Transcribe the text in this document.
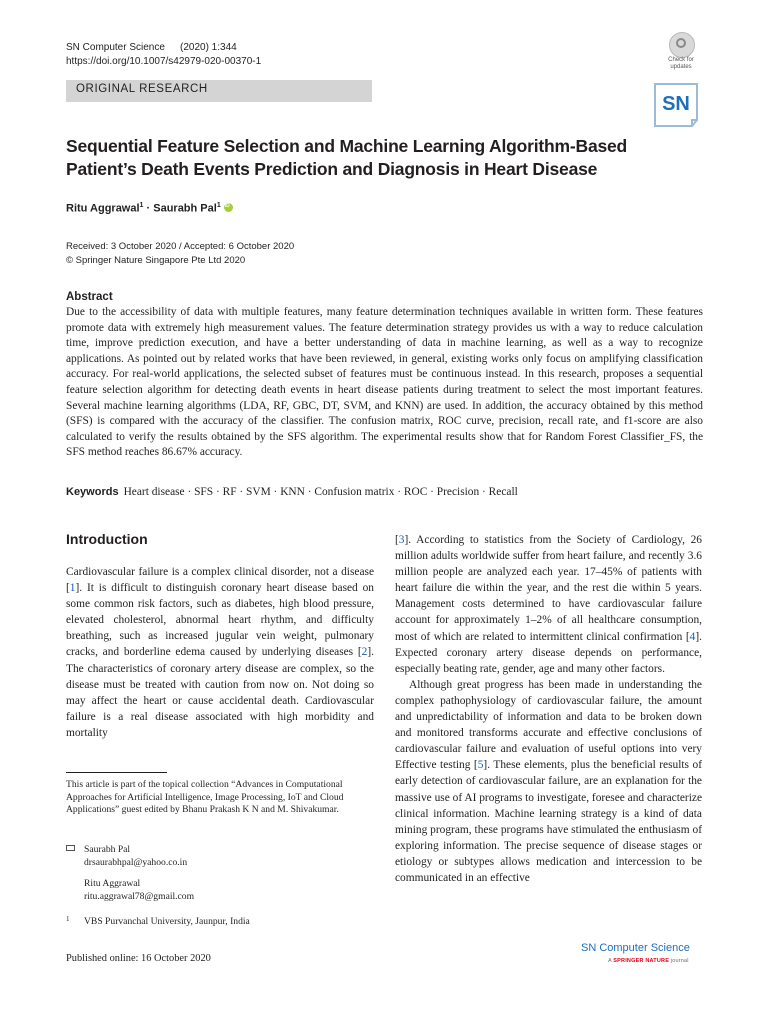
SN Computer Science (2020) 1:344
https://doi.org/10.1007/s42979-020-00370-1	Check for
updates
SN
ORIGINAL RESEARCH
Sequential Feature Selection and Machine Learning Algorithm-Based Patient’s Death Events Prediction and Diagnosis in Heart Disease
Ritu Aggrawal$^1$ · Saurabh Pal$^1$iD
Received: 3 October 2020 / Accepted: 6 October 2020
© Springer Nature Singapore Pte Ltd 2020
Abstract
Due to the accessibility of data with multiple features, many feature determination techniques available in written form. These features promote data with extremely high measurement values. The feature determination strategy provides us with a way to reduce calculation time, improve prediction execution, and have a better understanding of data in machine learning, as well as a way to recognize applications. As pointed out by related works that have been reviewed, in general, existing works only focus on amplifying classification accuracy. For real-world applications, the selected subset of features must be continuous instead. In this research, proposes a sequential feature selection algorithm for detecting death events in heart disease patients during treatment to select the most important features. Several machine learning algorithms (LDA, RF, GBC, DT, SVM, and KNN) are used. In addition, the accuracy obtained by this method (SFS) is compared with the accuracy of the classifier. The confusion matrix, ROC curve, precision, recall rate, and f1-score are also calculated to verify the results obtained by the SFS algorithm. The experimental results show that for Random Forest Classifier_FS, the SFS method reaches 86.67% accuracy.
Keywords Heart disease · SFS · RF · SVM · KNN · Confusion matrix · ROC · Precision · Recall
Introduction

Cardiovascular failure is a complex clinical disorder, not a disease [1]. It is difficult to distinguish coronary heart disease based on some common risk factors, such as diabetes, high blood pressure, elevated cholesterol, abnormal heart rhythm, and difficulty breathing, such as increased jugular vein weight, pulmonary cracks, and borderline edema caused by underlying diseases [2]. The characteristics of coronary artery disease are complex, so the disease must be treated with caution from now on. Not doing so may affect the heart or cause accidental death. Cardiovascular failure is a real disease associated with high morbidity and mortality

[3]. According to statistics from the Society of Cardiology, 26 million adults worldwide suffer from heart failure, and recently 3.6 million people are analyzed each year. 17–45% of patients with heart failure die within the year, and the rest die within 5 years. Management costs determined to have cardiovascular failure account for approximately 1–2% of all healthcare consumption, most of which are related to intermittent clinical confirmation [4]. Expected coronary artery disease depends on performance, especially beating rate, gender, age and many other factors.

Although great progress has been made in understanding the complex pathophysiology of cardiovascular failure, the amount and unpredictability of information and data to be broken down and monitored transforms accurate and effective conclusions of cardiovascular failure and evaluation of useful options into very Effective testing [5]. These elements, plus the beneficial results of early detection of cardiovascular failure, are an explanation for the massive use of AI programs to investigate, foresee and characterize clinical information. Machine learning strategy is a kind of data mining program, these programs have stimulated the enthusiasm of exploring information. The precise sequence of disease stages or etiology or subtypes allows medication and intercession to be communicated in an effective

This article is part of the topical collection “Advances in Computational Approaches for Artificial Intelligence, Image Processing, IoT and Cloud Applications” guest edited by Bhanu Prakash K N and M. Shivakumar.
Saurabh Pal
drsaurabhpal@yahoo.co.in
Ritu Aggrawal
ritu.aggrawal78@gmail.com
1 VBS Purvanchal University, Jaunpur, India
Published online: 16 October 2020
SN Computer Science
A SPRINGER NATURE journal
